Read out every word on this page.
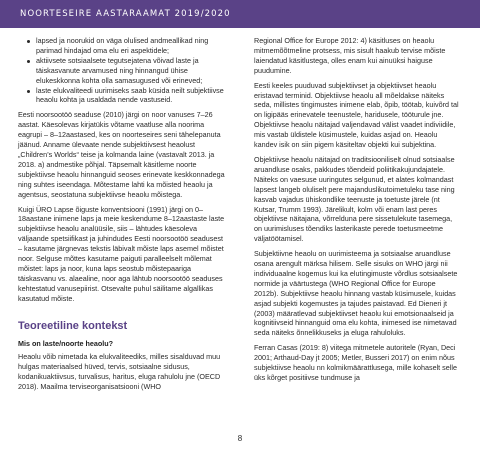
NOORTESEIRE AASTARAAMAT 2019/2020
lapsed ja noorukid on väga olulised andmeallikad ning parimad hindajad oma elu eri aspektidele;
aktiivsete sotsiaalsete tegutsejatena võivad laste ja täiskasvanute arvamused ning hinnangud ühise elukeskkonna kohta olla samasugused või erineved;
laste elukvaliteedi uurimiseks saab küsida neilt subjektiivse heaolu kohta ja usaldada nende vastuseid.

Eesti noorsootöö seaduse (2010) järgi on noor vanuses 7–26 aastat. Käesolevas kirjatükis võtame vaatluse alla noorima eagrupi – 8–12aastased, kes on noorteseires seni tähelepanuta jäänud. Anname ülevaate nende subjektiivsest heaolust „Children’s Worlds“ teise ja kolmanda laine (vastavalt 2013. ja 2018. a) andmestike põhjal. Täpsemalt käsitleme noorte subjektiivse heaolu hinnanguid seoses erinevate keskkonnadega ning suhtes iseendaga. Mõtestame lahti ka mõisted heaolu ja agentsus, seostatuna subjektiivse heaolu mõistega.

Kuigi ÜRO Lapse õiguste konventsiooni (1991) järgi on 0–18aastane inimene laps ja meie keskendume 8–12aastaste laste subjektiivse heaolu analüüsile, siis – lähtudes käesoleva väljaande spetsiifikast ja juhindudes Eesti noorsootöö seadusest – kasutame järgnevas tekstis läbivalt mõiste laps asemel mõistet noor. Selguse mõttes kasutame paiguti paralleelselt mõlemat mõistet: laps ja noor, kuna laps seostub mõistepaariga täiskasvanu vs. alaealine, noor aga lähtub noorsootöö seaduses kehtestatud vanusepiirist. Otsevalte puhul säilitame algallikas kasutatud mõiste.

Teoreetiline kontekst
Mis on laste/noorte heaolu?

Heaolu võib nimetada ka elukvaliteediks, milles sisalduvad muu hulgas materiaalsed hüved, tervis, sotsiaalne sidusus, kodanikuaktiivsus, turvalisus, haritus, eluga rahulolu jne (OECD 2018). Maailma terviseorganisatsiooni (WHO

Regional Office for Europe 2012: 4) käsitluses on heaolu mitmemõõtmeline protsess, mis sisult haakub tervise mõiste laiendatud käsitlustega, olles enam kui ainuüksi haiguse puudumine.

Eesti keeles puuduvad subjektiivset ja objektiivset heaolu eristavad terminid. Objektiivse heaolu all mõeldakse näiteks seda, millistes tingimustes inimene elab, õpib, töötab, kuivõrd tal on ligipääs erinevatele teenustele, haridusele, tööturule jne. Objektiivse heaolu näitajad valjendavad välist vaadet indiviidile, mis vastab üldistele küsimustele, kuidas asjad on. Heaolu kandev isik on siin pigem käsiteltav objekti kui subjektina.

Objektiivse heaolu näitajad on traditsiooniliselt olnud sotsiaalse aruandluse osaks, pakkudes tõendeid poliitikakujundajatele. Näiteks on vaesuse uuringutes selgunud, et alates kolmandast lapsest langeb oluliselt pere majanduslikutoimetuleku tase ning kasvab vajadus ühiskondlike teenuste ja toetuste järele (nt Kutsar, Trumm 1993). Järelikult, kolm või enam last peres objektiivse näitajana, võrreldunа pere sissetulekute tasemega, on uurimisluses tõendiks lasterikaste perede toetusmeetme väljatöötamisel.

Subjektiivne heaolu on uurimisteema ja sotsiaalse aruandluse osana arengult märksa hilisem. Selle sisuks on WHO järgi nii individuaalne kogemus kui ka elutingimuste võrdlus sotsiaalsete normide ja väärtustega (WHO Regional Office for Europe 2012b). Subjektiivse heaolu hinnang vastab küsimusele, kuidas asjad subjekti kogemustes ja tajudes paistavad. Ed Dieneri jt (2003) määratlevad subjektiivset heaolu kui emotsionaalseid ja kognitiivseid hinnanguid oma elu kohta, inimesed ise nimetavad seda näiteks õnnelikkuseks ja eluga rahuloluks.

Ferran Casas (2019: 8) viitega mitmetele autoritele (Ryan, Deci 2001; Arthaud-Day jt 2005; Metler, Busseri 2017) on enim nõus subjektiivse heaolu nn kolmikmäärattlusega, mille kohaselt selle üks kõrget positiivse tundmuse ja

8
